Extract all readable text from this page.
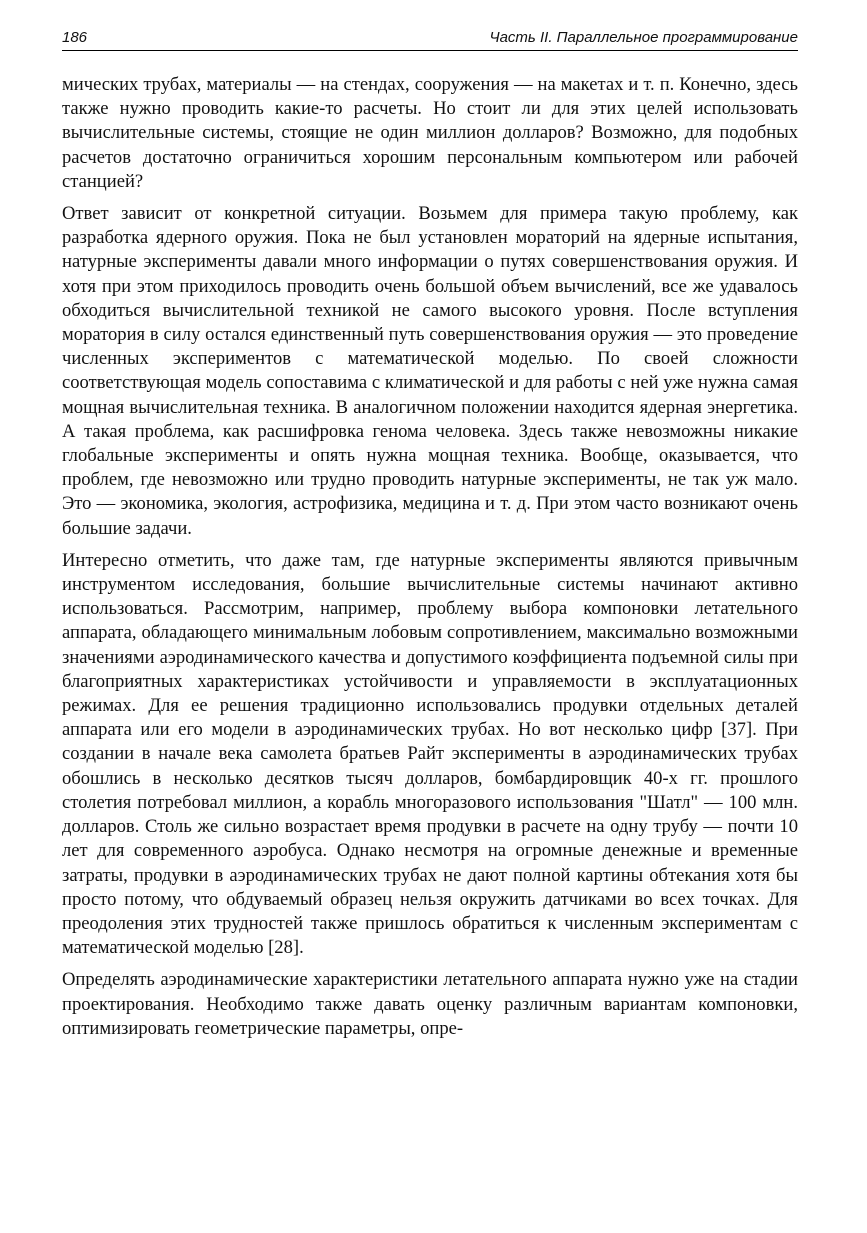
186	Часть II. Параллельное программирование

мических трубах, материалы — на стендах, сооружения — на макетах и т. п. Конечно, здесь также нужно проводить какие-то расчеты. Но стоит ли для этих целей использовать вычислительные системы, стоящие не один миллион долларов? Возможно, для подобных расчетов достаточно ограничиться хорошим персональным компьютером или рабочей станцией?

Ответ зависит от конкретной ситуации. Возьмем для примера такую проблему, как разработка ядерного оружия. Пока не был установлен мораторий на ядерные испытания, натурные эксперименты давали много информации о путях совершенствования оружия. И хотя при этом приходилось проводить очень большой объем вычислений, все же удавалось обходиться вычислительной техникой не самого высокого уровня. После вступления моратория в силу остался единственный путь совершенствования оружия — это проведение численных экспериментов с математической моделью. По своей сложности соответствующая модель сопоставима с климатической и для работы с ней уже нужна самая мощная вычислительная техника. В аналогичном положении находится ядерная энергетика. А такая проблема, как расшифровка генома человека. Здесь также невозможны никакие глобальные эксперименты и опять нужна мощная техника. Вообще, оказывается, что проблем, где невозможно или трудно проводить натурные эксперименты, не так уж мало. Это — экономика, экология, астрофизика, медицина и т. д. При этом часто возникают очень большие задачи.

Интересно отметить, что даже там, где натурные эксперименты являются привычным инструментом исследования, большие вычислительные системы начинают активно использоваться. Рассмотрим, например, проблему выбора компоновки летательного аппарата, обладающего минимальным лобовым сопротивлением, максимально возможными значениями аэродинамического качества и допустимого коэффициента подъемной силы при благоприятных характеристиках устойчивости и управляемости в эксплуатационных режимах. Для ее решения традиционно использовались продувки отдельных деталей аппарата или его модели в аэродинамических трубах. Но вот несколько цифр [37]. При создании в начале века самолета братьев Райт эксперименты в аэродинамических трубах обошлись в несколько десятков тысяч долларов, бомбардировщик 40-х гг. прошлого столетия потребовал миллион, а корабль многоразового использования "Шатл" — 100 млн. долларов. Столь же сильно возрастает время продувки в расчете на одну трубу — почти 10 лет для современного аэробуса. Однако несмотря на огромные денежные и временные затраты, продувки в аэродинамических трубах не дают полной картины обтекания хотя бы просто потому, что обдуваемый образец нельзя окружить датчиками во всех точках. Для преодоления этих трудностей также пришлось обратиться к численным экспериментам с математической моделью [28].

Определять аэродинамические характеристики летательного аппарата нужно уже на стадии проектирования. Необходимо также давать оценку различным вариантам компоновки, оптимизировать геометрические параметры, опре-
